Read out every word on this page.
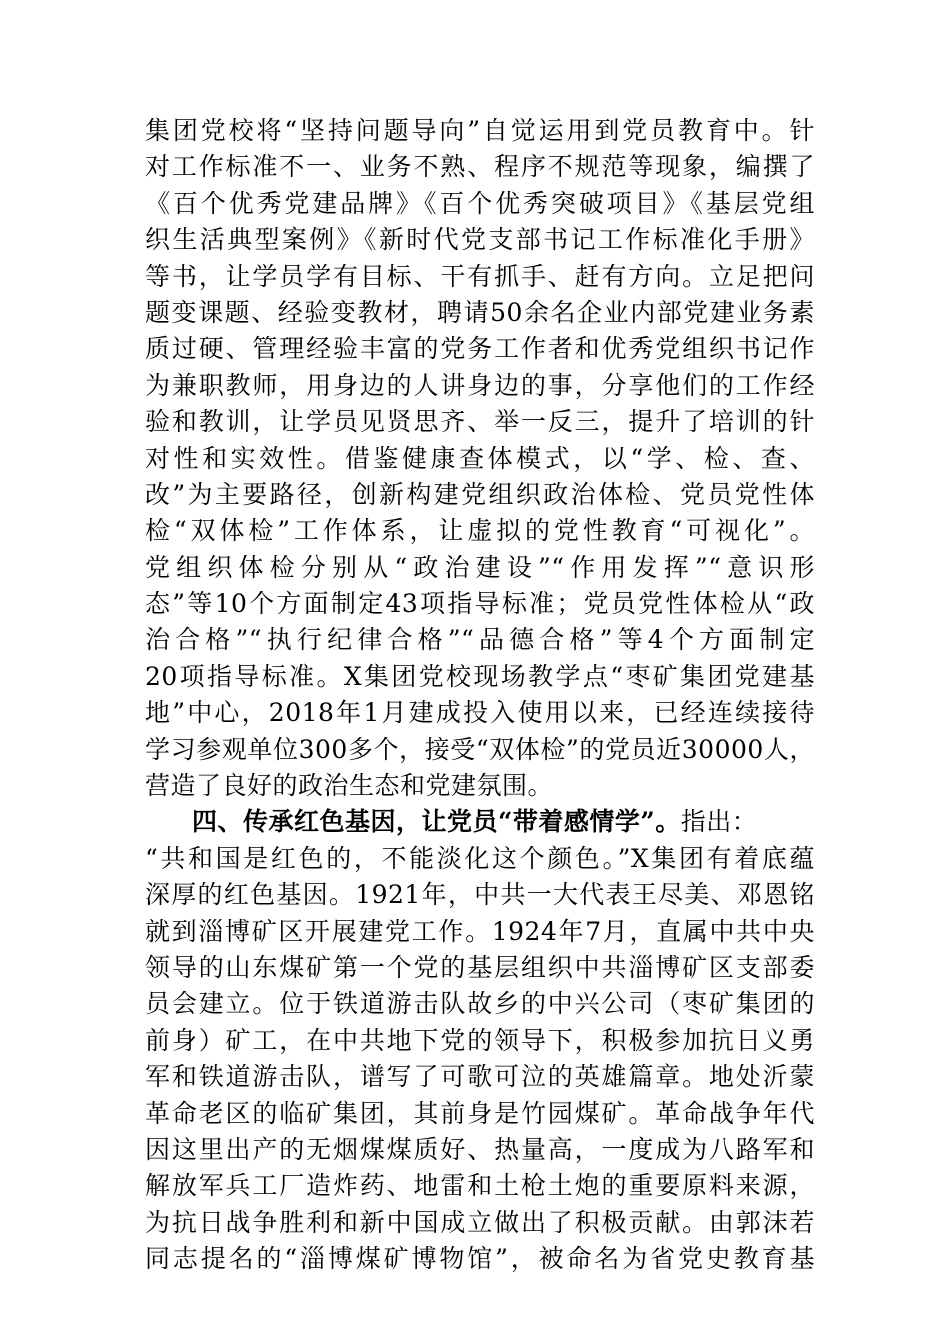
集团党校将“坚持问题导向”自觉运用到党员教育中。针
对工作标准不一、业务不熟、程序不规范等现象，编撰了
《百个优秀党建品牌》《百个优秀突破项目》《基层党组
织生活典型案例》《新时代党支部书记工作标准化手册》
等书，让学员学有目标、干有抓手、赶有方向。立足把问
题变课题、经验变教材，聘请50余名企业内部党建业务素
质过硬、管理经验丰富的党务工作者和优秀党组织书记作
为兼职教师，用身边的人讲身边的事，分享他们的工作经
验和教训，让学员见贤思齐、举一反三，提升了培训的针
对性和实效性。借鉴健康查体模式，以“学、检、查、
改”为主要路径，创新构建党组织政治体检、党员党性体
检“双体检”工作体系，让虚拟的党性教育“可视化”。
党组织体检分别从“政治建设”“作用发挥”“意识形
态”等10个方面制定43项指导标准；党员党性体检从“政
治合格”“执行纪律合格”“品德合格”等4个方面制定
20项指导标准。X集团党校现场教学点“枣矿集团党建基
地”中心，2018年1月建成投入使用以来，已经连续接待
学习参观单位300多个，接受“双体检”的党员近30000人，
营造了良好的政治生态和党建氛围。
四、传承红色基因，让党员“带着感情学”。指出：
“共和国是红色的，不能淡化这个颜色。”X集团有着底蕴
深厚的红色基因。1921年，中共一大代表王尽美、邓恩铭
就到淄博矿区开展建党工作。1924年7月，直属中共中央
领导的山东煤矿第一个党的基层组织中共淄博矿区支部委
员会建立。位于铁道游击队故乡的中兴公司（枣矿集团的
前身）矿工，在中共地下党的领导下，积极参加抗日义勇
军和铁道游击队，谱写了可歌可泣的英雄篇章。地处沂蒙
革命老区的临矿集团，其前身是竹园煤矿。革命战争年代
因这里出产的无烟煤煤质好、热量高，一度成为八路军和
解放军兵工厂造炸药、地雷和土枪土炮的重要原料来源，
为抗日战争胜利和新中国成立做出了积极贡献。由郭沫若
同志提名的“淄博煤矿博物馆”，被命名为省党史教育基
